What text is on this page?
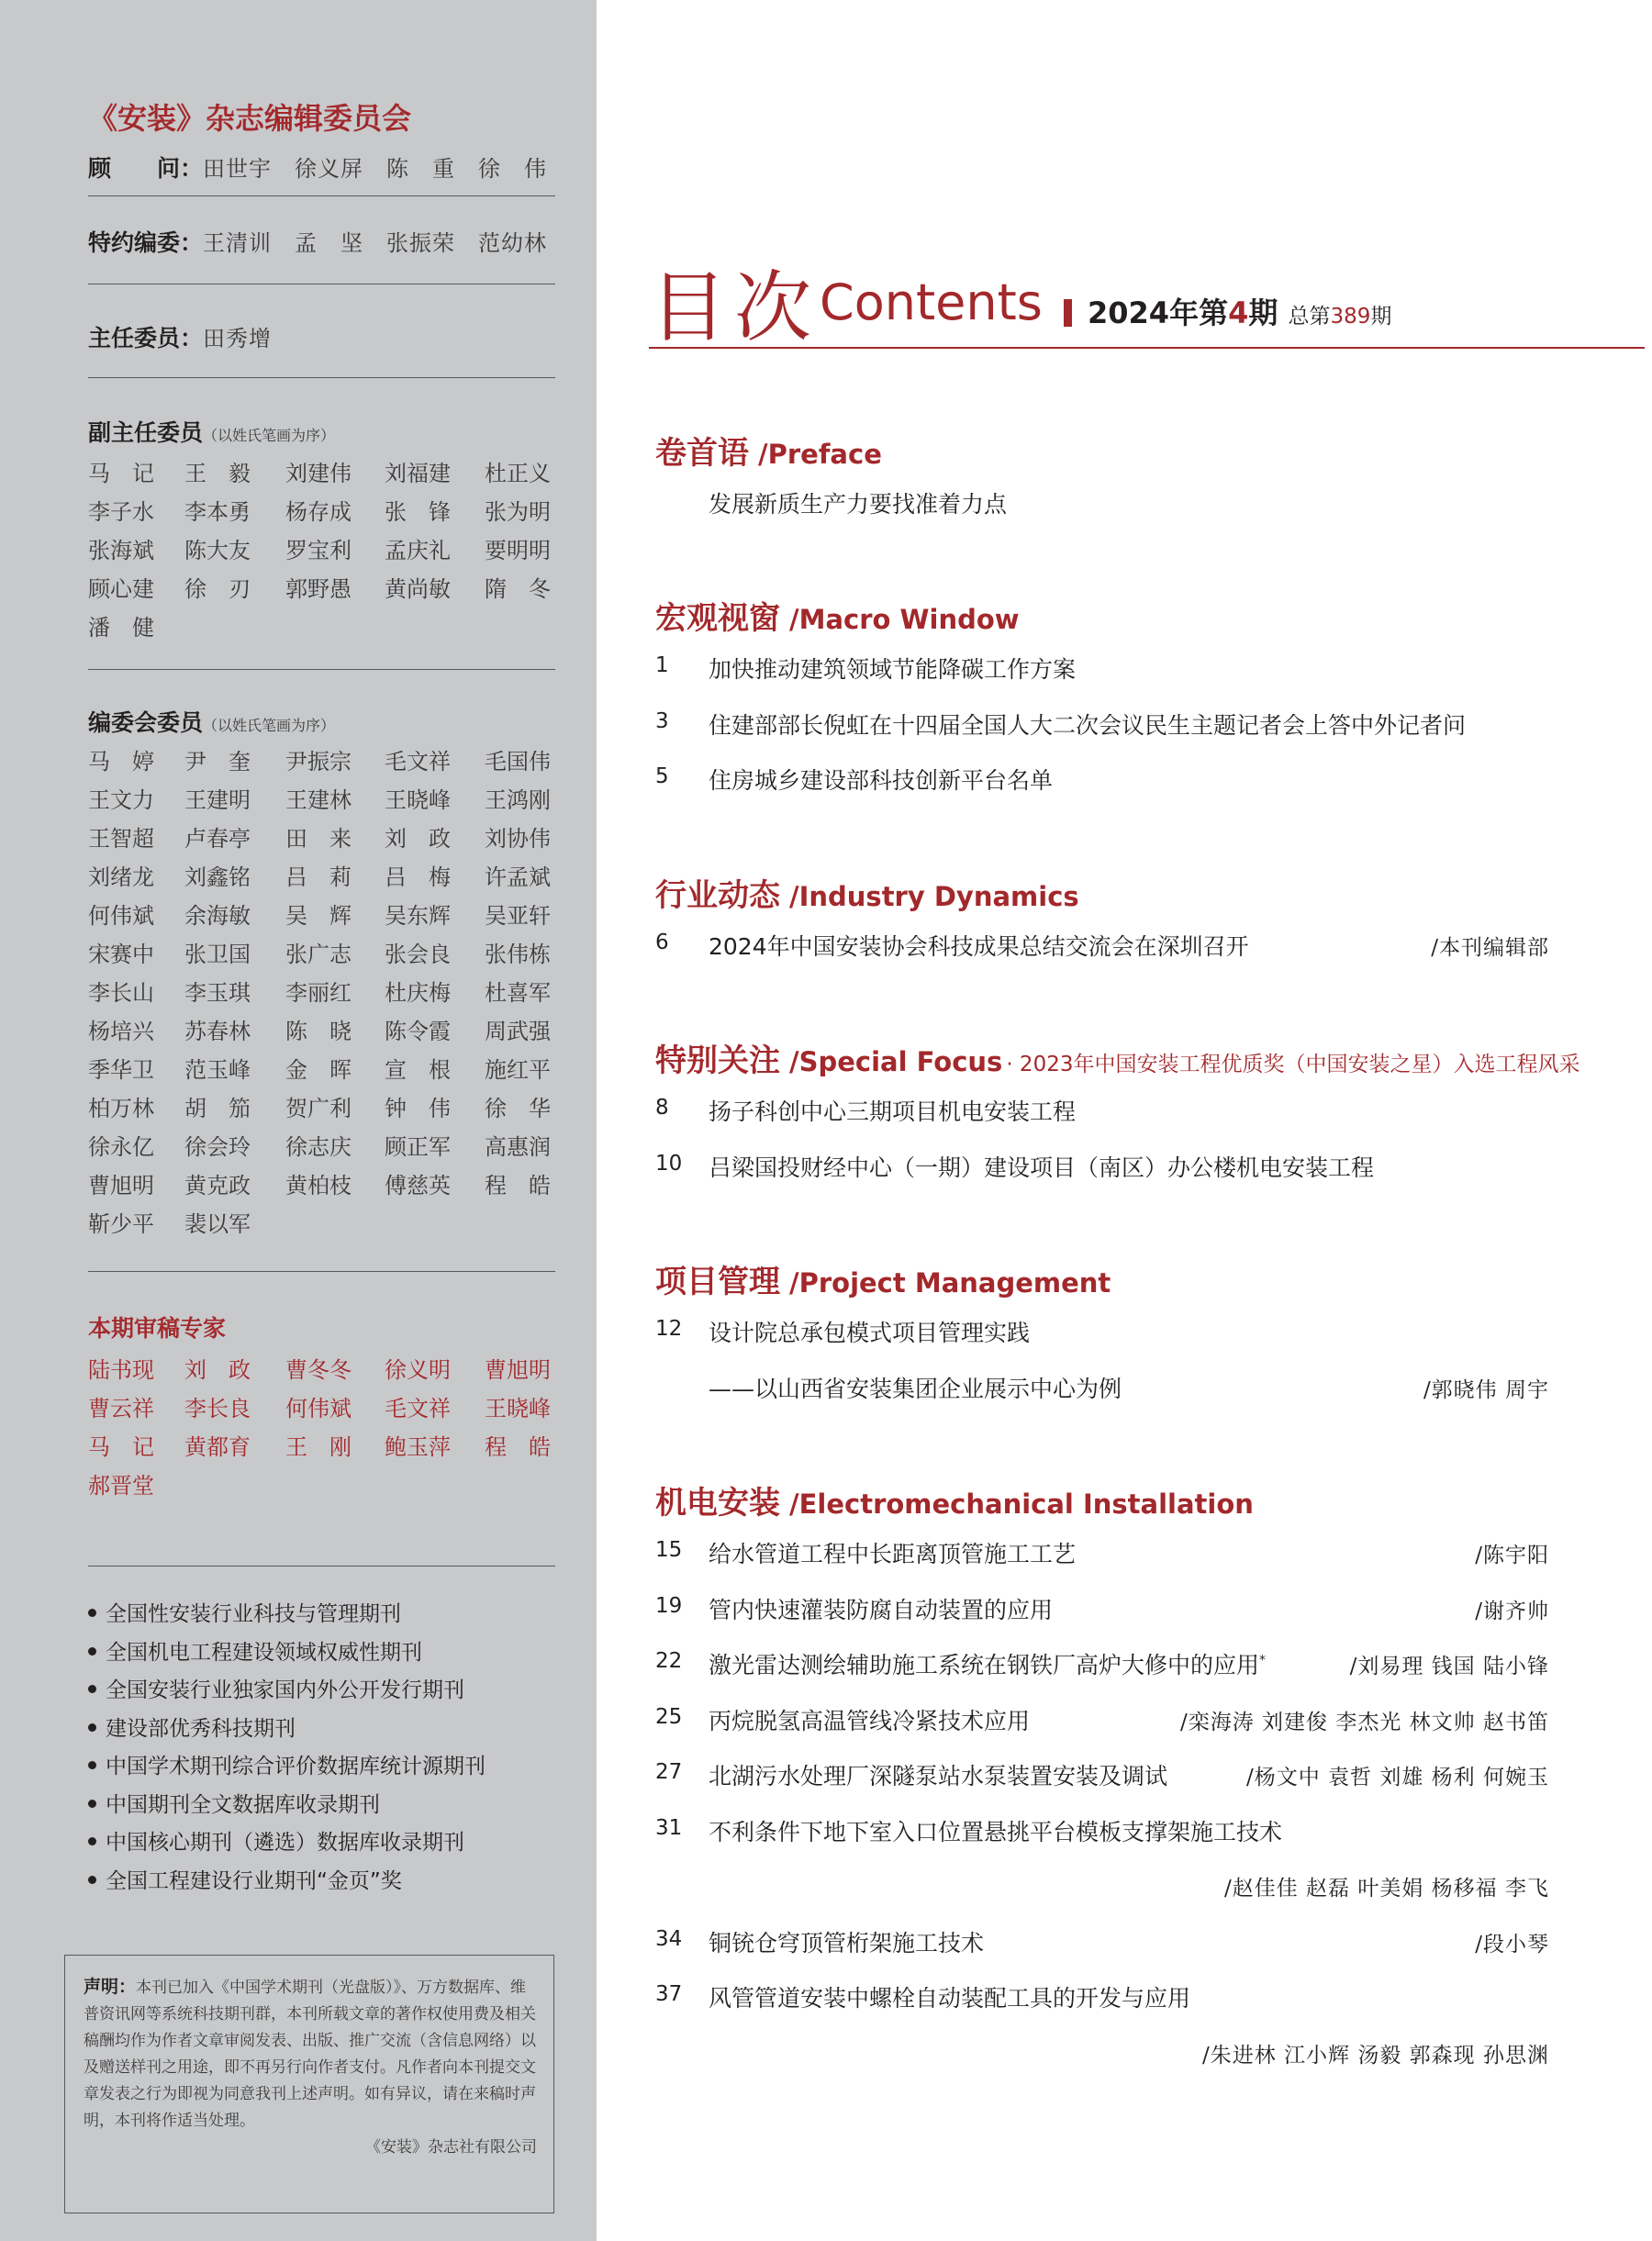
《安装》杂志编辑委员会
顾　　问：田世宇　徐义屏　陈　重　徐　伟
特约编委：王清训　孟　坚　张振荣　范幼林
主任委员：田秀增
副主任委员（以姓氏笔画为序）
马　记	王　毅	刘建伟	刘福建	杜正义
李子水	李本勇	杨存成	张　锋	张为明
张海斌	陈大友	罗宝利	孟庆礼	要明明
顾心建	徐　刃	郭野愚	黄尚敏	隋　冬
潘　健
编委会委员（以姓氏笔画为序）
马　婷	尹　奎	尹振宗	毛文祥	毛国伟
王文力	王建明	王建林	王晓峰	王鸿刚
王智超	卢春亭	田　来	刘　政	刘协伟
刘绪龙	刘鑫铭	吕　莉	吕　梅	许孟斌
何伟斌	余海敏	吴　辉	吴东辉	吴亚轩
宋赛中	张卫国	张广志	张会良	张伟栋
李长山	李玉琪	李丽红	杜庆梅	杜喜军
杨培兴	苏春林	陈　晓	陈令霞	周武强
季华卫	范玉峰	金　晖	宣　根	施红平
柏万林	胡　笳	贺广利	钟　伟	徐　华
徐永亿	徐会玲	徐志庆	顾正军	高惠润
曹旭明	黄克政	黄柏枝	傅慈英	程　皓
靳少平	裴以军
本期审稿专家
陆书现	刘　政	曹冬冬	徐义明	曹旭明
曹云祥	李长良	何伟斌	毛文祥	王晓峰
马　记	黄都育	王　刚	鲍玉萍	程　皓
郝晋堂
全国性安装行业科技与管理期刊
全国机电工程建设领域权威性期刊
全国安装行业独家国内外公开发行期刊
建设部优秀科技期刊
中国学术期刊综合评价数据库统计源期刊
中国期刊全文数据库收录期刊
中国核心期刊（遴选）数据库收录期刊
全国工程建设行业期刊“金页”奖
声明：本刊已加入《中国学术期刊（光盘版）》、万方数据库、维普资讯网等系统科技期刊群，本刊所载文章的著作权使用费及相关稿酬均作为作者文章审阅发表、出版、推广交流（含信息网络）以及赠送样刊之用途，即不再另行向作者支付。凡作者向本刊提交文章发表之行为即视为同意我刊上述声明。如有异议，请在来稿时声明，本刊将作适当处理。
《安装》杂志社有限公司
目次 Contents 2024年第4期 总第389期
卷首语 /Preface
发展新质生产力要找准着力点
宏观视窗 /Macro Window
1 加快推动建筑领域节能降碳工作方案
3 住建部部长倪虹在十四届全国人大二次会议民生主题记者会上答中外记者问
5 住房城乡建设部科技创新平台名单
行业动态 /Industry Dynamics
6 2024年中国安装协会科技成果总结交流会在深圳召开	/本刊编辑部
特别关注 /Special Focus · 2023年中国安装工程优质奖（中国安装之星）入选工程风采
8 扬子科创中心三期项目机电安装工程
10 吕梁国投财经中心（一期）建设项目（南区）办公楼机电安装工程
项目管理 /Project Management
12 设计院总承包模式项目管理实践
——以山西省安装集团企业展示中心为例	/郭晓伟 周宇
机电安装 /Electromechanical Installation
15 给水管道工程中长距离顶管施工工艺	/陈宇阳
19 管内快速灌装防腐自动装置的应用	/谢齐帅
22 激光雷达测绘辅助施工系统在钢铁厂高炉大修中的应用*	/刘易理 钱国 陆小锋
25 丙烷脱氢高温管线冷紧技术应用	/栾海涛 刘建俊 李杰光 林文帅 赵书笛
27 北湖污水处理厂深隧泵站水泵装置安装及调试	/杨文中 袁哲 刘雄 杨利 何婉玉
31 不利条件下地下室入口位置悬挑平台模板支撑架施工技术
/赵佳佳 赵磊 叶美娟 杨移福 李飞
34 铜铳仓穹顶管桁架施工技术	/段小琴
37 风管管道安装中螺栓自动装配工具的开发与应用
/朱进林 江小辉 汤毅 郭森现 孙思渊
